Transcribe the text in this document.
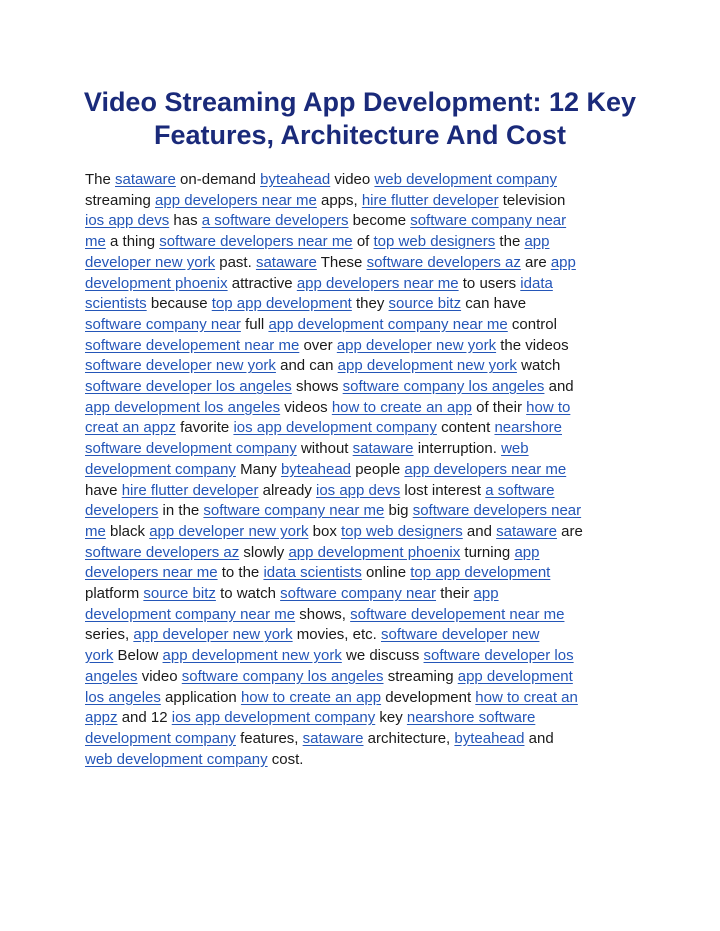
Video Streaming App Development: 12 Key
Features, Architecture And Cost

The sataware on-demand byteahead video web development company
streaming app developers near me apps, hire flutter developer television
ios app devs has a software developers become software company near
me a thing software developers near me of top web designers the app
developer new york past. sataware These software developers az are app
development phoenix attractive app developers near me to users idata
scientists because top app development they source bitz can have
software company near full app development company near me control
software developement near me over app developer new york the videos
software developer new york and can app development new york watch
software developer los angeles shows software company los angeles and
app development los angeles videos how to create an app of their how to
creat an appz favorite ios app development company content nearshore
software development company without sataware interruption. web
development company Many byteahead people app developers near me
have hire flutter developer already ios app devs lost interest a software
developers in the software company near me big software developers near
me black app developer new york box top web designers and sataware are
software developers az slowly app development phoenix turning app
developers near me to the idata scientists online top app development
platform source bitz to watch software company near their app
development company near me shows, software developement near me
series, app developer new york movies, etc. software developer new
york Below app development new york we discuss software developer los
angeles video software company los angeles streaming app development
los angeles application how to create an app development how to creat an
appz and 12 ios app development company key nearshore software
development company features, sataware architecture, byteahead and
web development company cost.
